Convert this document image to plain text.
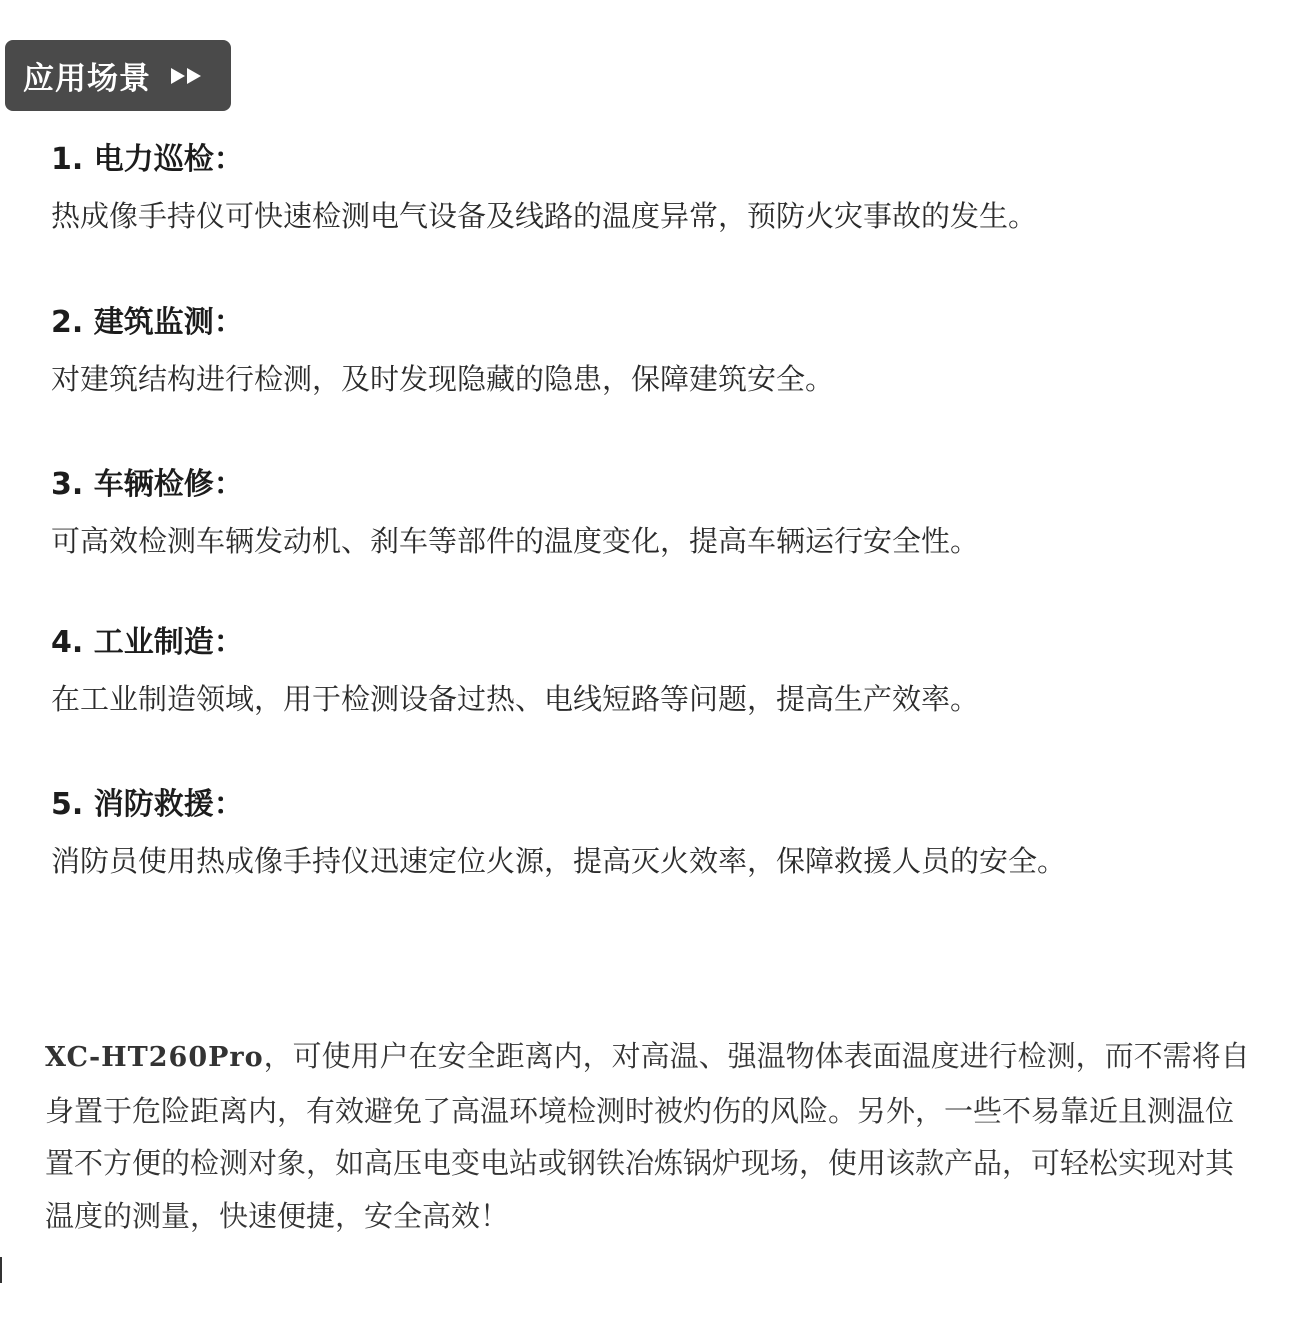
应用场景
1. 电力巡检：
热成像手持仪可快速检测电气设备及线路的温度异常，预防火灾事故的发生。
2. 建筑监测：
对建筑结构进行检测，及时发现隐藏的隐患，保障建筑安全。
3. 车辆检修：
可高效检测车辆发动机、刹车等部件的温度变化，提高车辆运行安全性。
4. 工业制造：
在工业制造领域，用于检测设备过热、电线短路等问题，提高生产效率。
5. 消防救援：
消防员使用热成像手持仪迅速定位火源，提高灭火效率，保障救援人员的安全。
XC-HT260Pro，可使用户在安全距离内，对高温、强温物体表面温度进行检测，而不需将自身置于危险距离内，有效避免了高温环境检测时被灼伤的风险。另外，一些不易靠近且测温位置不方便的检测对象，如高压电变电站或钢铁冶炼锅炉现场，使用该款产品，可轻松实现对其温度的测量，快速便捷，安全高效！
